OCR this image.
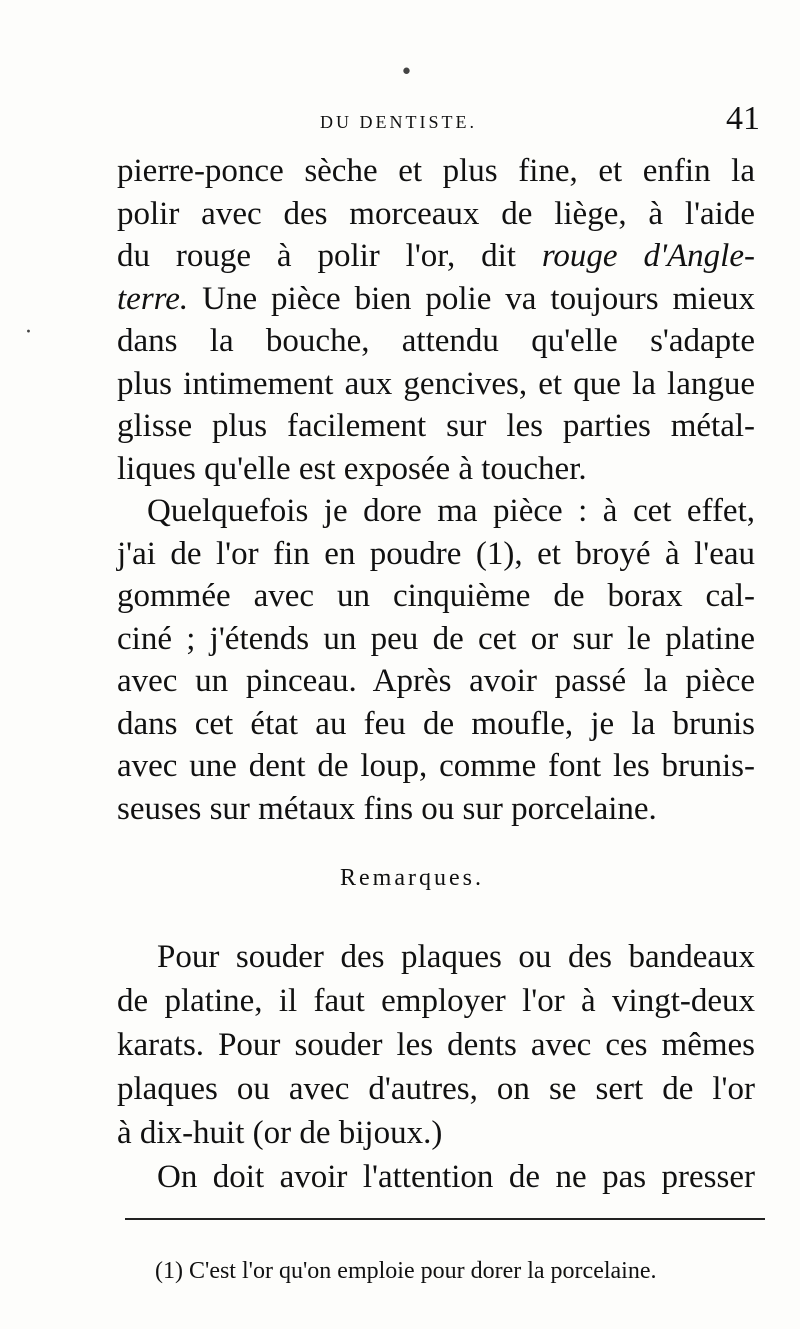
DU DENTISTE.	41
pierre-ponce sèche et plus fine, et enfin la
polir avec des morceaux de liège, à l'aide
du rouge à polir l'or, dit rouge d'Angle-
terre. Une pièce bien polie va toujours mieux
dans la bouche, attendu qu'elle s'adapte
plus intimement aux gencives, et que la langue
glisse plus facilement sur les parties métal-
liques qu'elle est exposée à toucher.
Quelquefois je dore ma pièce : à cet effet,
j'ai de l'or fin en poudre (1), et broyé à l'eau
gommée avec un cinquième de borax cal-
ciné ; j'étends un peu de cet or sur le platine
avec un pinceau. Après avoir passé la pièce
dans cet état au feu de moufle, je la brunis
avec une dent de loup, comme font les brunis-
seuses sur métaux fins ou sur porcelaine.
Remarques.
Pour souder des plaques ou des bandeaux
de platine, il faut employer l'or à vingt-deux
karats. Pour souder les dents avec ces mêmes
plaques ou avec d'autres, on se sert de l'or
à dix-huit (or de bijoux.)
On doit avoir l'attention de ne pas presser
(1) C'est l'or qu'on emploie pour dorer la porcelaine.
•
·
